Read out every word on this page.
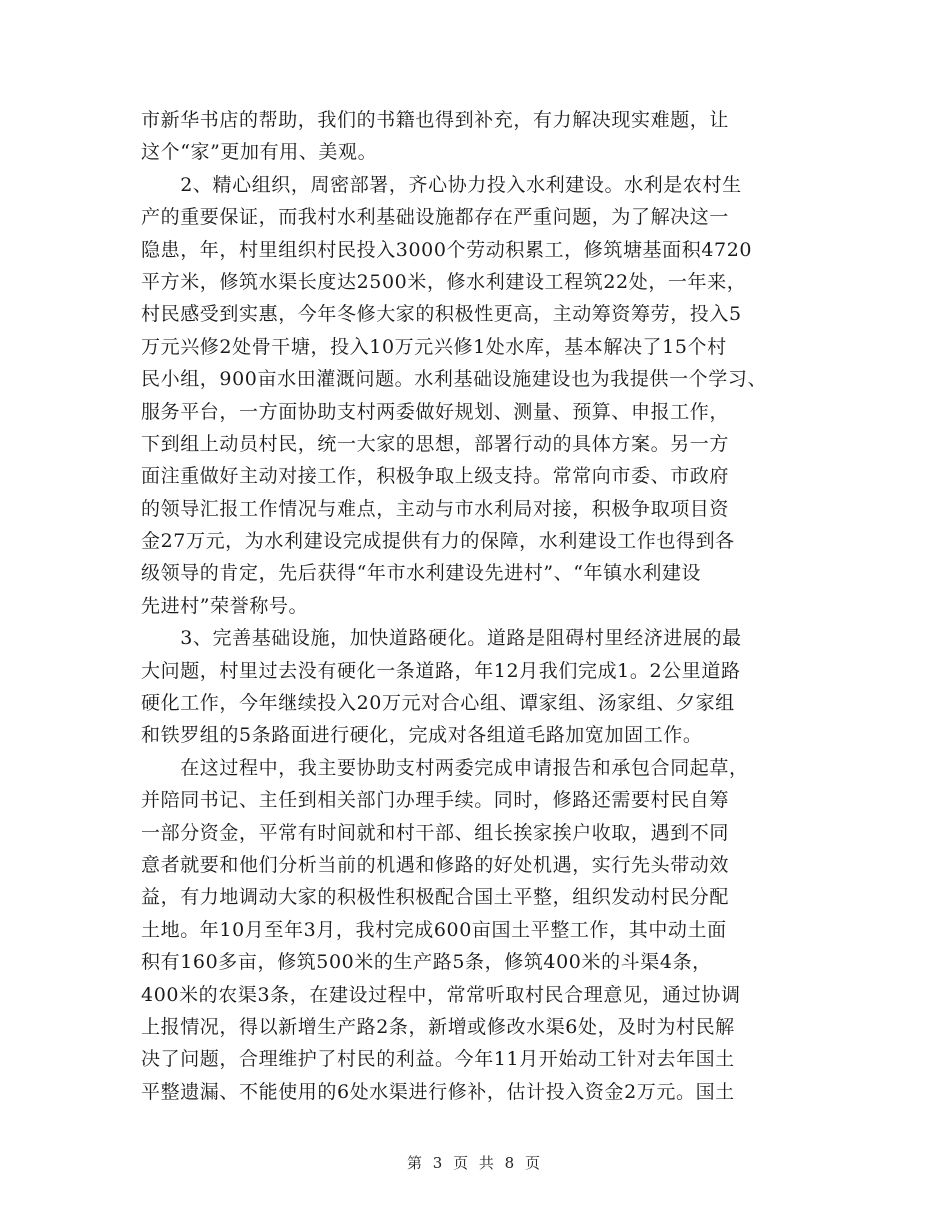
市新华书店的帮助，我们的书籍也得到补充，有力解决现实难题，让
这个“家”更加有用、美观。
　　2、精心组织，周密部署，齐心协力投入水利建设。水利是农村生
产的重要保证，而我村水利基础设施都存在严重问题，为了解决这一
隐患，年，村里组织村民投入3000个劳动积累工，修筑塘基面积4720
平方米，修筑水渠长度达2500米，修水利建设工程筑22处，一年来，
村民感受到实惠，今年冬修大家的积极性更高，主动筹资筹劳，投入5
万元兴修2处骨干塘，投入10万元兴修1处水库，基本解决了15个村
民小组，900亩水田灌溉问题。水利基础设施建设也为我提供一个学习、
服务平台，一方面协助支村两委做好规划、测量、预算、申报工作，
下到组上动员村民，统一大家的思想，部署行动的具体方案。另一方
面注重做好主动对接工作，积极争取上级支持。常常向市委、市政府
的领导汇报工作情况与难点，主动与市水利局对接，积极争取项目资
金27万元，为水利建设完成提供有力的保障，水利建设工作也得到各
级领导的肯定，先后获得“年市水利建设先进村”、“年镇水利建设
先进村”荣誉称号。
　　3、完善基础设施，加快道路硬化。道路是阻碍村里经济进展的最
大问题，村里过去没有硬化一条道路，年12月我们完成1。2公里道路
硬化工作，今年继续投入20万元对合心组、谭家组、汤家组、夕家组
和铁罗组的5条路面进行硬化，完成对各组道毛路加宽加固工作。
　　在这过程中，我主要协助支村两委完成申请报告和承包合同起草，
并陪同书记、主任到相关部门办理手续。同时，修路还需要村民自筹
一部分资金，平常有时间就和村干部、组长挨家挨户收取，遇到不同
意者就要和他们分析当前的机遇和修路的好处机遇，实行先头带动效
益，有力地调动大家的积极性积极配合国土平整，组织发动村民分配
土地。年10月至年3月，我村完成600亩国土平整工作，其中动土面
积有160多亩，修筑500米的生产路5条，修筑400米的斗渠4条，
400米的农渠3条，在建设过程中，常常听取村民合理意见，通过协调
上报情况，得以新增生产路2条，新增或修改水渠6处，及时为村民解
决了问题，合理维护了村民的利益。今年11月开始动工针对去年国土
平整遗漏、不能使用的6处水渠进行修补，估计投入资金2万元。国土
第 3 页 共 8 页
